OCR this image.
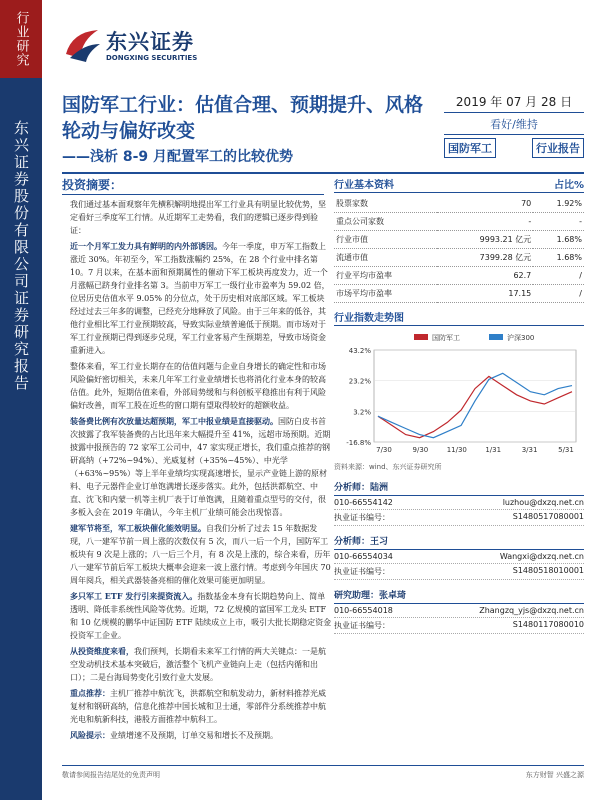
行业研究
东兴证券股份有限公司证券研究报告
东兴证券
DONGXING SECURITIES
国防军工行业：估值合理、预期提升、风格轮动与偏好改变
——浅析 8-9 月配置军工的比较优势
2019 年 07 月 28 日
看好/维持
国防军工	行业报告
投资摘要：

我们通过基本面观察年先横积解明地提出军工行业具有明显比较优势，坚定看好三季度军工行情。从近期军工走势看，我们的逻辑已逐步得到验证：

近一个月军工发力具有鲜明的内外部诱因。今年一季度，申万军工指数上涨近 30%。年初至今，军工指数涨幅约 25%，在 28 个行业中排名第 10。7 月以来，在基本面和预期属性的催动下军工板块再度发力，近一个月涨幅已跻身行业排名第 3。当前申万军工一级行业市盈率为 59.02 倍，位居历史估值水平 9.05% 的分位点，处于历史相对底部区域。军工板块经过过去三年多的调整，已经充分地释放了风险。由于三年来的低谷，其他行业相比军工行业预期较高，导致实际业绩普遍低于预期。而市场对于军工行业预期已得到逐步兑现，军工行业客易产生预期差，导致市场资金重新进入。

整体来看，军工行业长期存在的估值问题与企业自身增长的确定性和市场风险偏好密切相关，未来几年军工行业业绩增长也将消化行业本身的较高估值。此外，短期估值来看，外部局势缓和与科创板平稳推出有利于风险偏好改善，而军工股在近些的窗口期有望取得较好的超额收益。

装备费比例有次放量达超预期，军工中报业绩是直接驱动。国防白皮书首次披露了我军装备费的占比迅年来大幅提升至 41%，远超市场预期。近期披露中报预告的 72 家军工公司中，47 家实现正增长，我们重点推荐的钢研高纳（+72%~94%）、光威复材（+35%~45%）、中光学（+63%~95%）等上半年业绩均实现高速增长，显示产业链上游的原材料、电子元器件企业订单饱满增长逐步落实。此外，包括洪都航空、中直、沈飞和内蒙一机等主机厂表于订单饱满，且随着重点型号的交付，很多板入会在 2019 年确认，今年主机厂业绩可能会出现惊喜。

建军节将至，军工板块催化能效明显。自我们分析了过去 15 年数据发现，八一建军节前一周上涨的次数仅有 5 次，而八一后一个月，国防军工板块有 9 次是上涨的；八一后三个月，有 8 次是上涨的，综合来看，历年八一建军节前后军工板块大概率会迎来一波上涨行情。考虑到今年国庆 70 周年阅兵，相关武器装备亮相的催化效果可能更加明显。

多只军工 ETF 发行引来提资流入。指数基金本身有长期趋势向上、简单透明、降低非系统性风险等优势。近期，72 亿规模的富国军工龙头 ETF 和 10 亿规模的鹏华中证国防 ETF 陆续成立上市，吸引大批长期稳定资金投资军工企业。

从投资维度来看，我们预判，长期看未来军工行情的两大关键点：一是航空发动机技术基本突破后，激活整个飞机产业链向上走（包括内循和出口）；二是台海局势变化引致行业大发展。

重点推荐：主机厂推荐中航沈飞，洪都航空和航发动力，新材料推荐光威复材和钢研高纳，信息化推荐中国长城和卫士通，零部件分系统推荐中航光电和航新科技，港股方面推荐中航科工。

风险提示：业绩增速不及预期，订单交易和增长不及预期。

行业基本资料	占比%
股票家数	70	1.92%
重点公司家数	-	-
行业市值	9993.21 亿元	1.68%
流通市值	7399.28 亿元	1.68%
行业平均市盈率	62.7	/
市场平均市盈率	17.15	/
行业指数走势图
43.2%
23.2%
3.2%
-16.8%
7/30	9/30	11/30	1/31	3/31	5/31
国防军工	沪深300
资料来源：wind、东兴证券研究所
分析师：陆洲
010-66554142	luzhou@dxzq.net.cn
执业证书编号：	S1480517080001
分析师：王习
010-66554034	Wangxi@dxzq.net.cn
执业证书编号：	S1480518010001
研究助理：张卓琦
010-66554018	Zhangzq_yjs@dxzq.net.cn
执业证书编号：	S1480117080010
敬请参阅报告结尾处的免责声明	东方财智 兴盛之源
